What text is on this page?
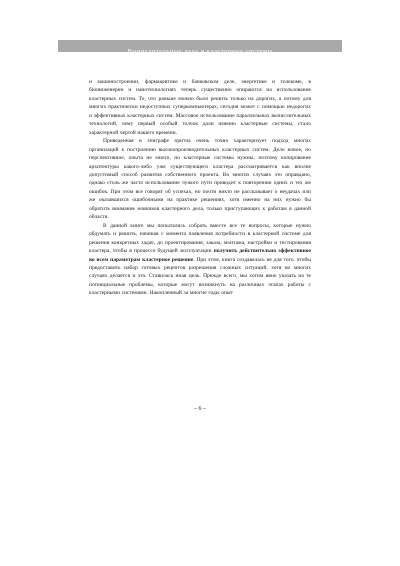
Вычислительные дела и кластерные системы

и машиностроении, фармацевтике и банковском деле, энергетике и телекоме, в биоинженерии и нанотехнологиях теперь существенно опираются на использование кластерных систем. То, что раньше можно было решить только на дорогих, а потому для многих практически недоступных суперкомпьютерах, сегодня может с помощью недорогих и эффективных кластерных систем. Массовое использование параллельных вычислительных технологий, чему первый особый толчок дали именно кластерные системы, стало характерной чертой нашего времени.

Приведенная в эпиграфе притча очень точно характеризует подход многих организаций к построению высокопроизводительных кластерных систем. Дело новое, но перспективное, опыта не много, но кластерные системы нужны, поэтому копирование архитектуры какого-либо уже существующего кластера рассматривается как вполне допустимый способ развития собственного проекта. Во многих случаях это оправдано, однако столь же часто использование чужого пути приводит к повторению одних и тех же ошибок. При этом все говорят об успехах, но почти никто не рассказывает о неудачах или же оказавшихся ошибочными на практике решениях, хотя именно на них нужно бы обратить внимание новичков кластерного дела, только приступающих к работам в данной области.

В данной книге мы попытались собрать вместе все те вопросы, которые нужно обдумать и решить, начиная с момента появления потребности в кластерной системе для решения конкретных задач, до проектирования, заказа, монтажа, настройки и тестирования кластера, чтобы в процессе будущей эксплуатации получить действительно эффективное во всем параметрам кластерное решение. При этом, книга создавалась не для того, чтобы предоставить набор готовых рецептов разрешения сложных ситуаций, хотя во многих случаях делается и это. Ставилась иная цель. Прежде всего, мы хотим явно указать на те потенциальные проблемы, которые могут возникнуть на различных этапах работы с кластерными системами. Накопленный за многие годы опыт

– 6 –
